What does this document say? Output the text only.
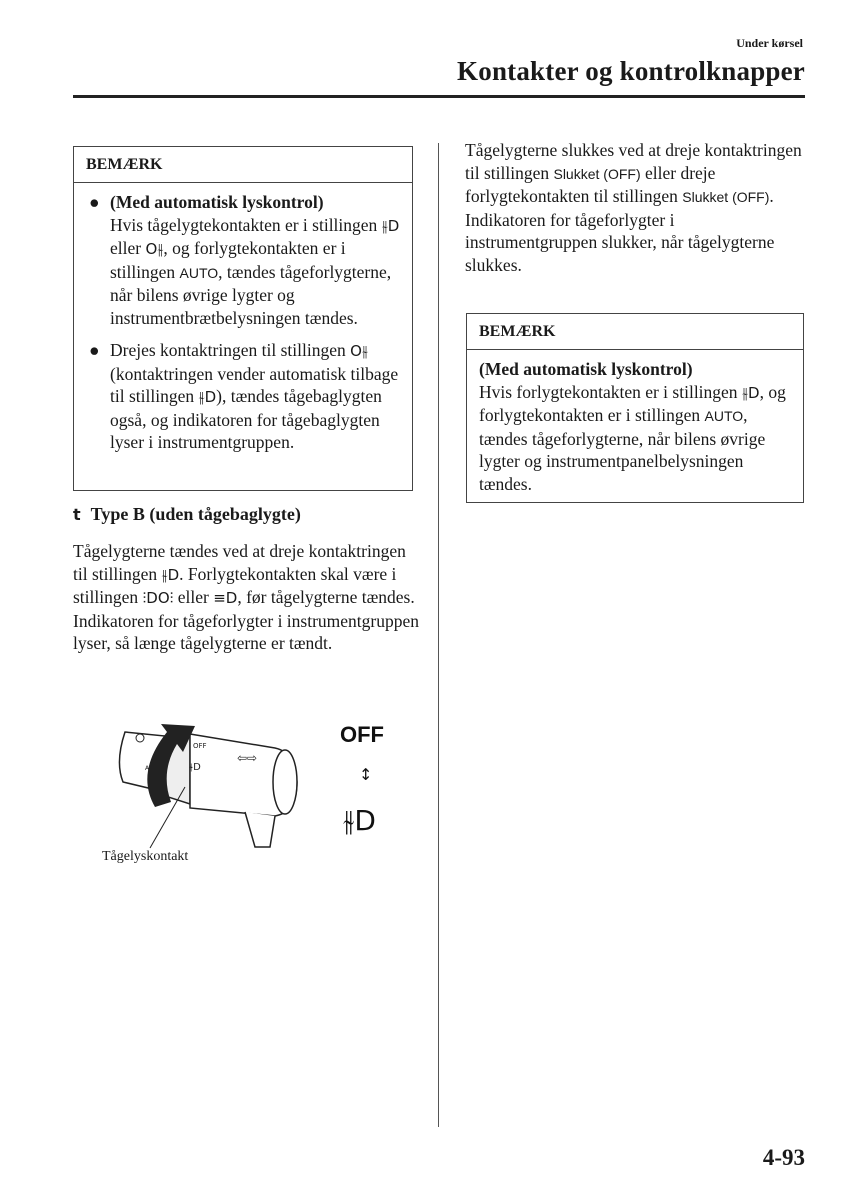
Under kørsel
Kontakter og kontrolknapper
BEMÆRK
● (Med automatisk lyskontrol)
Hvis tågelygtekontakten er i stillingen ⫳D eller O⫳, og forlygtekontakten er i stillingen AUTO, tændes tågeforlygterne, når bilens øvrige lygter og instrumentbrætbelysningen tændes.
● Drejes kontaktringen til stillingen O⫳ (kontaktringen vender automatisk tilbage til stillingen ⫳D), tændes tågebaglygten også, og indikatoren for tågebaglygten lyser i instrumentgruppen.
t Type B (uden tågebaglygte)
Tågelygterne tændes ved at dreje kontaktringen til stillingen ⫳D. Forlygtekontakten skal være i stillingen ⫶DO⫶ eller ≡D, før tågelygterne tændes. Indikatoren for tågeforlygter i instrumentgruppen lyser, så længe tågelygterne er tændt.
OFF
AL	⫳D
⇦⇨
OFF
↕
⫳D
Tågelyskontakt
Tågelygterne slukkes ved at dreje kontaktringen til stillingen Slukket (OFF) eller dreje forlygtekontakten til stillingen Slukket (OFF). Indikatoren for tågeforlygter i instrumentgruppen slukker, når tågelygterne slukkes.
BEMÆRK
(Med automatisk lyskontrol)
Hvis forlygtekontakten er i stillingen ⫳D, og forlygtekontakten er i stillingen AUTO, tændes tågeforlygterne, når bilens øvrige lygter og instrumentpanelbelysningen tændes.
4-93
